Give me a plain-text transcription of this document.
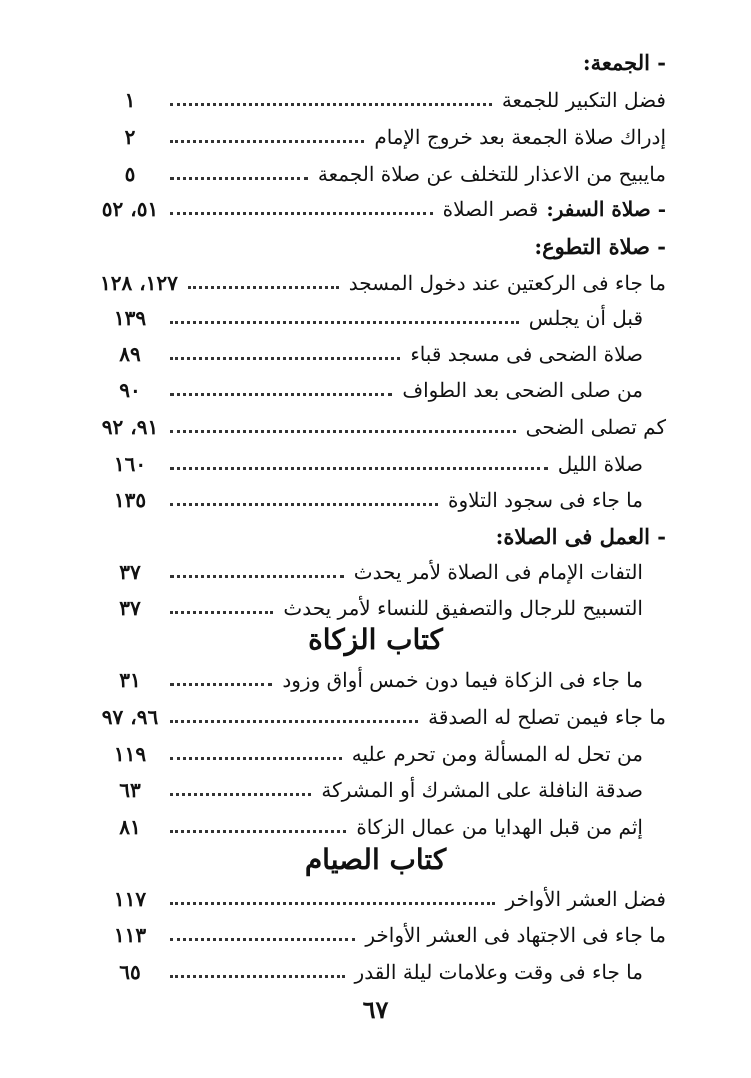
- الجمعة:
فضل التكبير للجمعة
١
إدراك صلاة الجمعة بعد خروج الإمام
٢
مايبيح من الاعذار للتخلف عن صلاة الجمعة
٥
- صلاة السفر:
قصر الصلاة
٥١، ٥٢
- صلاة التطوع:
ما جاء فى الركعتين عند دخول المسجد
١٢٧، ١٢٨
قبل أن يجلس
١٣٩
صلاة الضحى فى مسجد قباء
٨٩
من صلى الضحى بعد الطواف
٩٠
كم تصلى الضحى
٩١، ٩٢
صلاة الليل
١٦٠
ما جاء فى سجود التلاوة
١٣٥
- العمل فى الصلاة:
التفات الإمام فى الصلاة لأمر يحدث
٣٧
التسبيح للرجال والتصفيق للنساء لأمر يحدث
٣٧
كتاب الزكاة
ما جاء فى الزكاة فيما دون خمس أواق وزود
٣١
ما جاء فيمن تصلح له الصدقة
٩٦، ٩٧
من تحل له المسألة ومن تحرم عليه
١١٩
صدقة النافلة على المشرك أو المشركة
٦٣
إثم من قبل الهدايا من عمال الزكاة
٨١
كتاب الصيام
فضل العشر الأواخر
١١٧
ما جاء فى الاجتهاد فى العشر الأواخر
١١٣
ما جاء فى وقت وعلامات ليلة القدر
٦٥
٦٧
